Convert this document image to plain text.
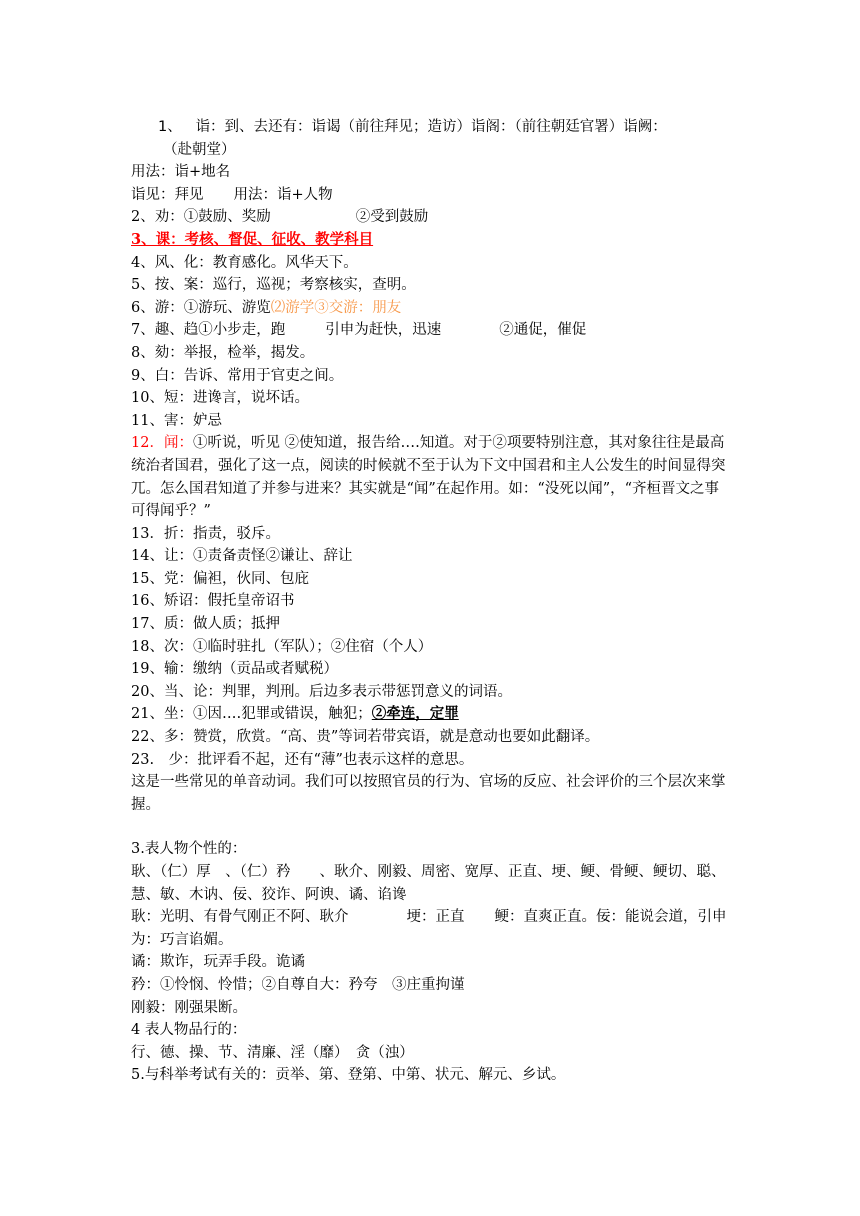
1、 诣：到、去还有：诣谒（前往拜见；造访）诣阁：（前往朝廷官署）诣阙：
（赴朝堂）
用法：诣+地名
诣见：拜见 用法：诣+人物
2、劝：①鼓励、奖励	②受到鼓励
3、课：考核、督促、征收、教学科目
4、风、化：教育感化。风华天下。
5、按、案：巡行，巡视；考察核实，查明。
6、游：①游玩、游览⑵游学③交游：朋友
7、趣、趋①小步走，跑	引申为赶快，迅速	②通促，催促
8、劾：举报，检举，揭发。
9、白：告诉、常用于官吏之间。
10、短：进谗言，说坏话。
11、害：妒忌
12．闻：①听说，听见 ②使知道，报告给‥‥知道。对于②项要特别注意，其对象往往是最高统治者国君，强化了这一点，阅读的时候就不至于认为下文中国君和主人公发生的时间显得突兀。怎么国君知道了并参与进来？其实就是“闻”在起作用。如：“没死以闻”，“齐桓晋文之事可得闻乎？”
13．折：指责，驳斥。
14、让：①责备责怪②谦让、辞让
15、党：偏袒，伙同、包庇
16、矫诏：假托皇帝诏书
17、质：做人质；抵押
18、次：①临时驻扎（军队）；②住宿（个人）
19、输：缴纳（贡品或者赋税）
20、当、论：判罪，判刑。后边多表示带惩罚意义的词语。
21、坐：①因‥‥犯罪或错误，触犯；②牵连，定罪
22、多：赞赏，欣赏。“高、贵”等词若带宾语，就是意动也要如此翻译。
23.　少：批评看不起，还有“薄”也表示这样的意思。
这是一些常见的单音动词。我们可以按照官员的行为、官场的反应、社会评价的三个层次来掌握。
3.表人物个性的：
耿、（仁）厚　、（仁）矜　　、耿介、刚毅、周密、宽厚、正直、埂、鲠、骨鲠、鲠切、聪、慧、敏、木讷、佞、狡诈、阿谀、谲、谄谗
耿：光明、有骨气刚正不阿、耿介	埂：正直 鲠：直爽正直。佞：能说会道，引申为：巧言谄媚。
谲：欺诈，玩弄手段。诡谲
矜：①怜悯、怜惜；②自尊自大：矜夸　③庄重拘谨
刚毅：刚强果断。
4 表人物品行的：
行、德、操、节、清廉、淫（靡）　贪（浊）
5.与科举考试有关的：贡举、第、登第、中第、状元、解元、乡试。
